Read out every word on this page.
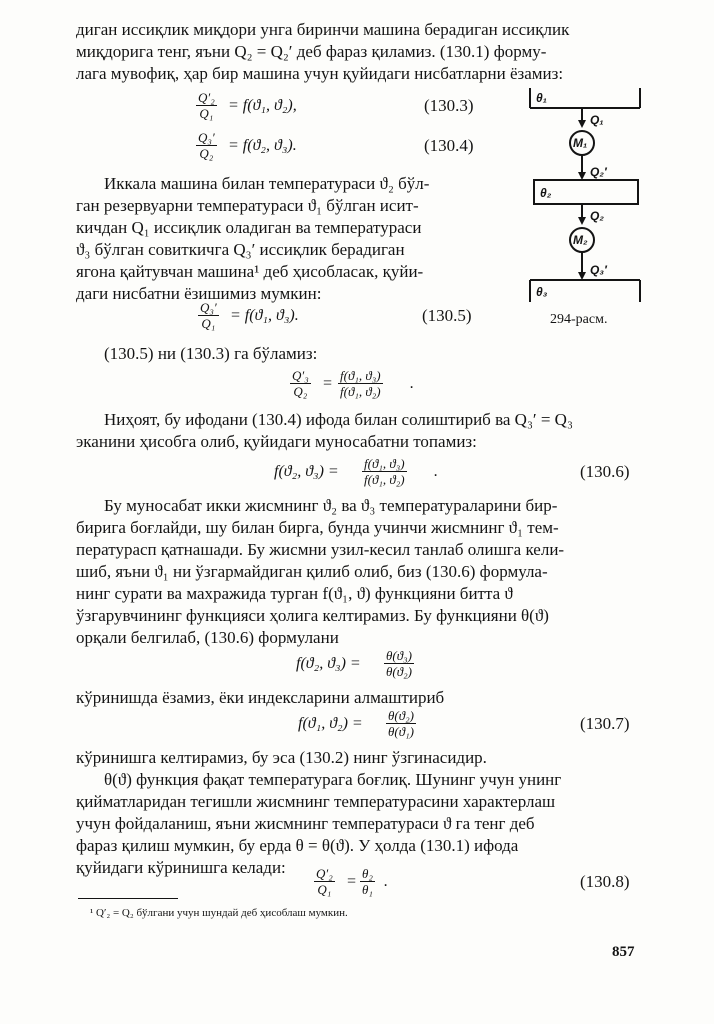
диган иссиқлик миқдори унга биринчи машина берадиган иссиқлик
миқдорига тенг, яъни Q₂ = Q₂′ деб фараз қиламиз. (130.1) форму-
лага мувофиқ, ҳар бир машина учун қуйидаги нисбатларни ёзамиз:
$\frac{\text{Q′₂}}{\text{Q₁}} = f(ϑ_1$, ϑ₂),	(130.3)
$\frac{\text{Q₃′}}{\text{Q₂}} = f(ϑ_2$, ϑ₃).	(130.4)
Иккала машина билан температураси ϑ₂ бўл-
ган резервуарни температураси ϑ₁ бўлган исит-
кичдан Q₁ иссиқлик оладиган ва температураси
ϑ₃ бўлган совиткичга Q₃′ иссиқлик берадиган
ягона қайтувчан машина¹ деб ҳисобласак, қуйи-
даги нисбатни ёзишимиз мумкин:
$\frac{\text{Q₃′}}{\text{Q₁}} = f(ϑ_1$, ϑ₃).	(130.5)
θ₁
Q₁
M₁
Q₂′
θ₂
Q₂
M₂
Q₃′
θ₃
294-расм.
(130.5) ни (130.3) га бўламиз:
$\frac{\text{Q′₃}}{\text{Q₂}} = \frac{\text{f(ϑ₁, ϑ₃)}}{\text{f(ϑ₁, ϑ₂)}}$ .
Ниҳоят, бу ифодани (130.4) ифода билан солиштириб ва Q₃′ = Q₃
эканини ҳисобга олиб, қуйидаги муносабатни топамиз:
f(ϑ₂, $ϑ_3) = \frac{\text{f(ϑ₁, ϑ₃)}}{\text{f(ϑ₁, ϑ₂)}}$ .	(130.6)
Бу муносабат икки жисмнинг ϑ₂ ва ϑ₃ температураларини бир-
бирига боғлайди, шу билан бирга, бунда учинчи жисмнинг ϑ₁ тем-
пературасп қатнашади. Бу жисмни узил-кесил танлаб олишга кели-
шиб, яъни ϑ₁ ни ўзгармайдиган қилиб олиб, биз (130.6) формула-
нинг сурати ва махражида турган f(ϑ₁, ϑ) функцияни битта ϑ
ўзгарувчининг функцияси ҳолига келтирамиз. Бу функцияни θ(ϑ)
орқали белгилаб, (130.6) формулани
f(ϑ₂, $ϑ_3) = \frac{\text{θ(ϑ₃)}}{\text{θ(ϑ₂)}}$
кўринишда ёзамиз, ёки индексларини алмаштириб
f(ϑ₁, $ϑ_2) = \frac{\text{θ(ϑ₂)}}{\text{θ(ϑ₁)}}$	(130.7)
кўринишга келтирамиз, бу эса (130.2) нинг ўзгинасидир.
θ(ϑ) функция фақат температурага боғлиқ. Шунинг учун унинг
қийматларидан тегишли жисмнинг температурасини характерлаш
учун фойдаланиш, яъни жисмнинг температураси ϑ га тенг деб
фараз қилиш мумкин, бу ерда θ = θ(ϑ). У ҳолда (130.1) ифода
қуйидаги кўринишга келади: $\frac{\text{Q′₂}}{\text{Q₁}} = \frac{\text{θ₂}}{\text{θ₁}}$ .	(130.8)
¹ Q′₂ = Q₂ бўлгани учун шундай деб ҳисоблаш мумкин.
857
